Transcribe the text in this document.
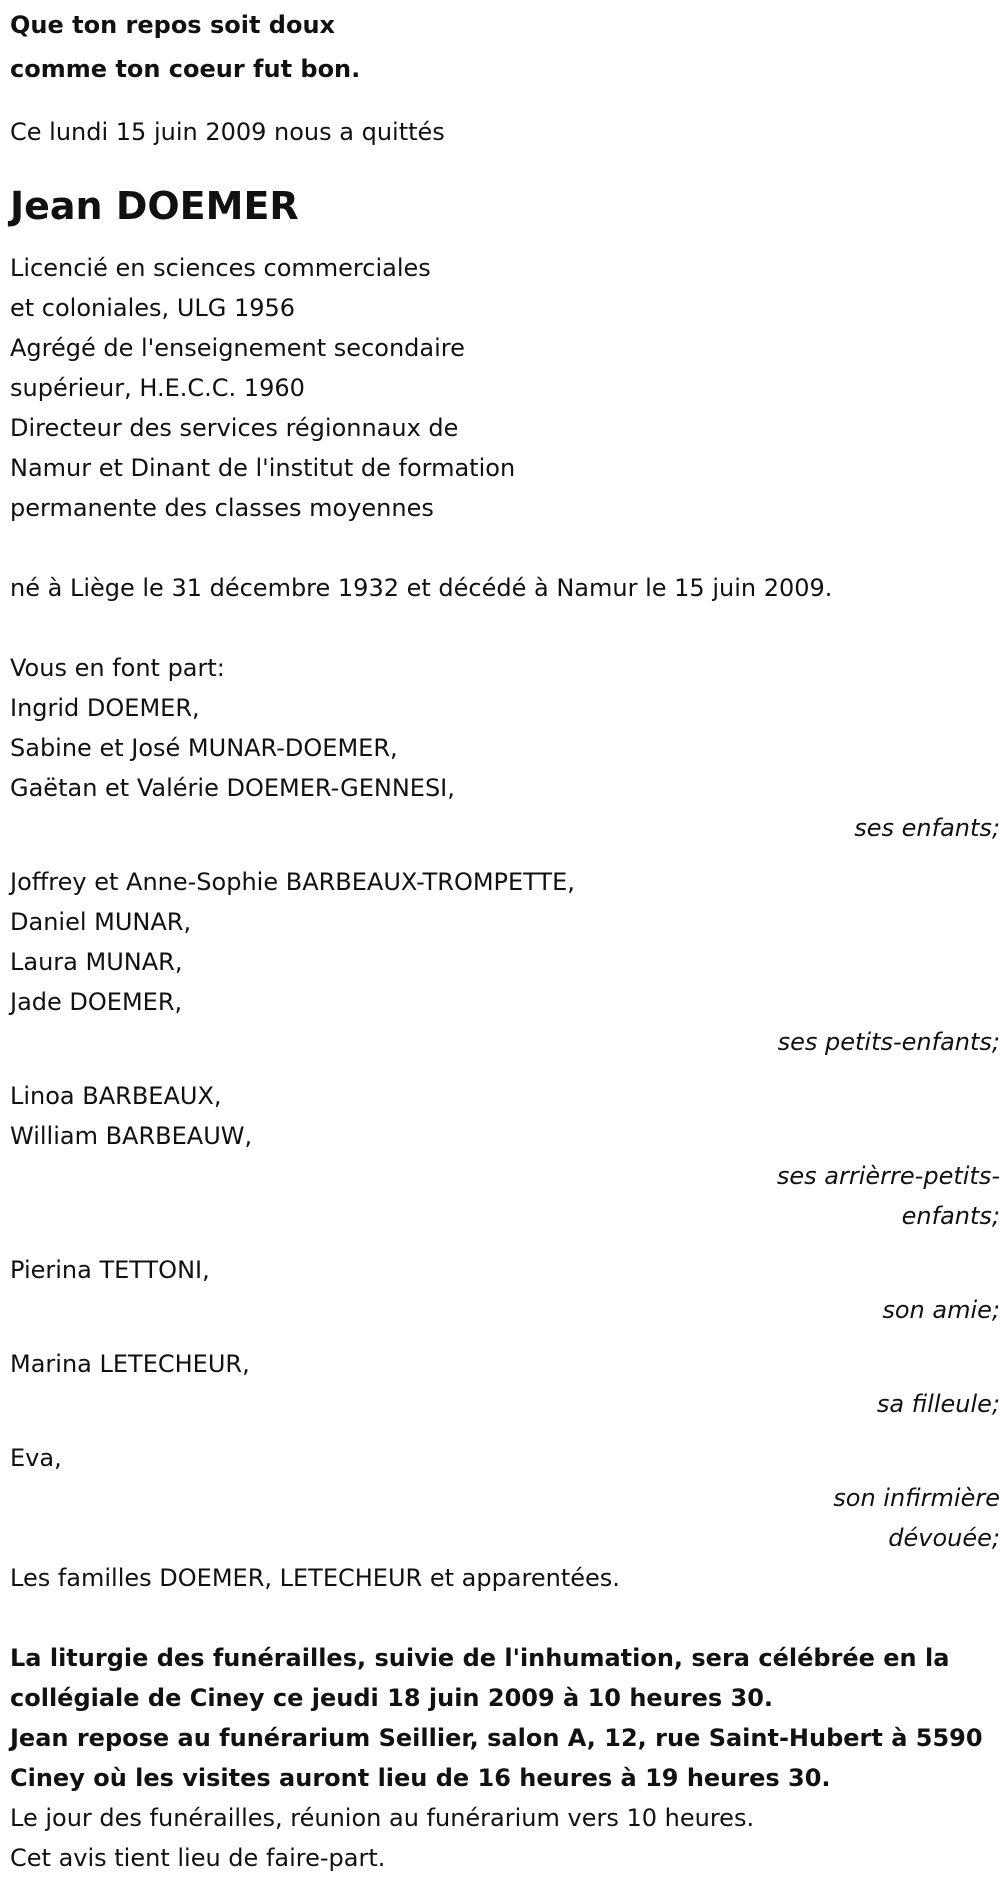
Que ton repos soit doux

comme ton coeur fut bon.

Ce lundi 15 juin 2009 nous a quittés

Jean DOEMER

Licencié en sciences commerciales

et coloniales, ULG 1956

Agrégé de l'enseignement secondaire

supérieur, H.E.C.C. 1960

Directeur des services régionnaux de

Namur et Dinant de l'institut de formation

permanente des classes moyennes

né à Liège le 31 décembre 1932 et décédé à Namur le 15 juin 2009.

Vous en font part:

Ingrid DOEMER,

Sabine et José MUNAR-DOEMER,

Gaëtan et Valérie DOEMER-GENNESI,

ses enfants;

Joffrey et Anne-Sophie BARBEAUX-TROMPETTE,

Daniel MUNAR,

Laura MUNAR,

Jade DOEMER,

ses petits-enfants;

Linoa BARBEAUX,

William BARBEAUW,

ses arrièrre-petits-
enfants;

Pierina TETTONI,

son amie;

Marina LETECHEUR,

sa filleule;

Eva,

son infirmière
dévouée;

Les familles DOEMER, LETECHEUR et apparentées.

La liturgie des funérailles, suivie de l'inhumation, sera célébrée en la

collégiale de Ciney ce jeudi 18 juin 2009 à 10 heures 30.

Jean repose au funérarium Seillier, salon A, 12, rue Saint-Hubert à 5590

Ciney où les visites auront lieu de 16 heures à 19 heures 30.

Le jour des funérailles, réunion au funérarium vers 10 heures.

Cet avis tient lieu de faire-part.
